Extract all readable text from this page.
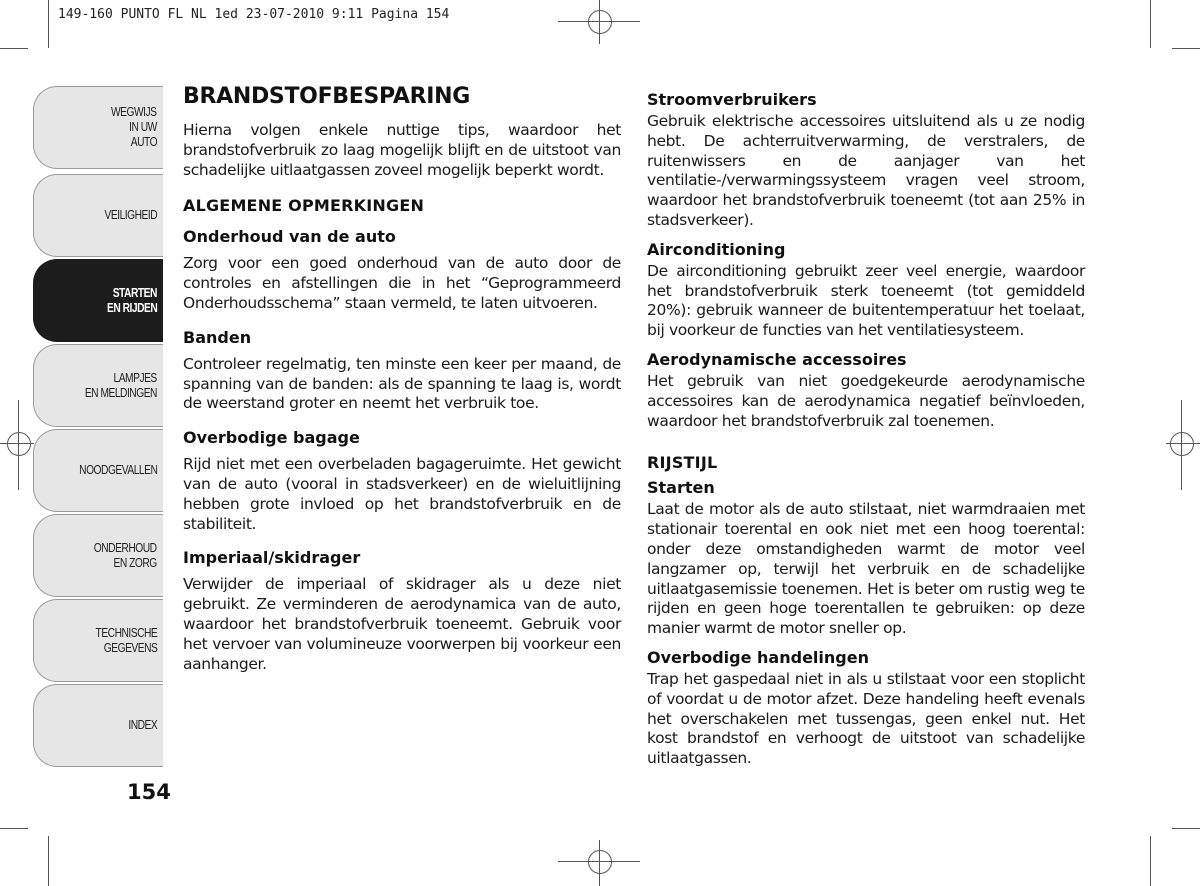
149-160 PUNTO FL NL 1ed 23-07-2010 9:11 Pagina 154
WEGWIJS
IN UW
AUTO
VEILIGHEID
STARTEN
EN RIJDEN
LAMPJES
EN MELDINGEN
NOODGEVALLEN
ONDERHOUD
EN ZORG
TECHNISCHE
GEGEVENS
INDEX
154
BRANDSTOFBESPARING

Hierna volgen enkele nuttige tips, waardoor het brandstofverbruik zo laag mogelijk blijft en de uitstoot van schadelijke uitlaatgassen zoveel mogelijk beperkt wordt.

ALGEMENE OPMERKINGEN
Onderhoud van de auto

Zorg voor een goed onderhoud van de auto door de controles en afstellingen die in het “Geprogrammeerd Onderhoudsschema” staan vermeld, te laten uitvoeren.

Banden

Controleer regelmatig, ten minste een keer per maand, de spanning van de banden: als de spanning te laag is, wordt de weerstand groter en neemt het verbruik toe.

Overbodige bagage

Rijd niet met een overbeladen bagageruimte. Het gewicht van de auto (vooral in stadsverkeer) en de wieluitlijning hebben grote invloed op het brandstofverbruik en de stabiliteit.

Imperiaal/skidrager

Verwijder de imperiaal of skidrager als u deze niet gebruikt. Ze verminderen de aerodynamica van de auto, waardoor het brandstofverbruik toeneemt. Gebruik voor het vervoer van volumineuze voorwerpen bij voorkeur een aanhanger.

Stroomverbruikers

Gebruik elektrische accessoires uitsluitend als u ze nodig hebt. De achterruitverwarming, de verstralers, de ruitenwissers en de aanjager van het ventilatie-/verwarmingssysteem vragen veel stroom, waardoor het brandstofverbruik toeneemt (tot aan 25% in stadsverkeer).

Airconditioning

De airconditioning gebruikt zeer veel energie, waardoor het brandstofverbruik sterk toeneemt (tot gemiddeld 20%): gebruik wanneer de buitentemperatuur het toelaat, bij voorkeur de functies van het ventilatiesysteem.

Aerodynamische accessoires

Het gebruik van niet goedgekeurde aerodynamische accessoires kan de aerodynamica negatief beïnvloeden, waardoor het brandstofverbruik zal toenemen.

RIJSTIJL
Starten

Laat de motor als de auto stilstaat, niet warmdraaien met stationair toerental en ook niet met een hoog toerental: onder deze omstandigheden warmt de motor veel langzamer op, terwijl het verbruik en de schadelijke uitlaatgasemissie toenemen. Het is beter om rustig weg te rijden en geen hoge toerentallen te gebruiken: op deze manier warmt de motor sneller op.

Overbodige handelingen

Trap het gaspedaal niet in als u stilstaat voor een stoplicht of voordat u de motor afzet. Deze handeling heeft evenals het overschakelen met tussengas, geen enkel nut. Het kost brandstof en verhoogt de uitstoot van schadelijke uitlaatgassen.
